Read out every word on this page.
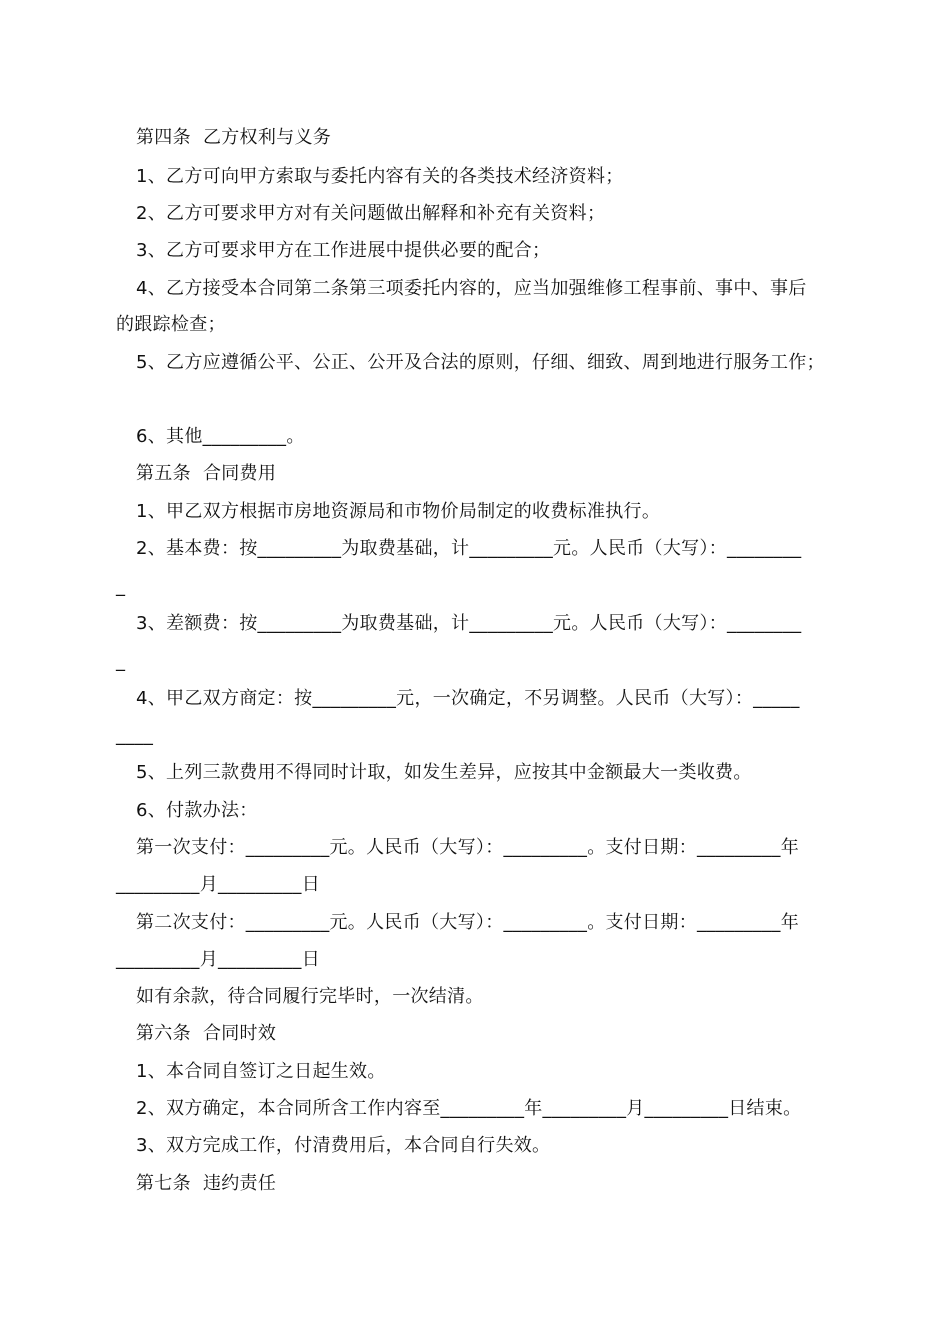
第四条  乙方权利与义务
1、乙方可向甲方索取与委托内容有关的各类技术经济资料；
2、乙方可要求甲方对有关问题做出解释和补充有关资料；
3、乙方可要求甲方在工作进展中提供必要的配合；
4、乙方接受本合同第二条第三项委托内容的，应当加强维修工程事前、事中、事后
的跟踪检查；
5、乙方应遵循公平、公正、公开及合法的原则，仔细、细致、周到地进行服务工作；
6、其他_________。
第五条  合同费用
1、甲乙双方根据市房地资源局和市物价局制定的收费标准执行。
2、基本费：按_________为取费基础，计_________元。人民币（大写）：________
_
3、差额费：按_________为取费基础，计_________元。人民币（大写）：________
_
4、甲乙双方商定：按_________元，一次确定，不另调整。人民币（大写）：_____
____
5、上列三款费用不得同时计取，如发生差异，应按其中金额最大一类收费。
6、付款办法：
第一次支付：_________元。人民币（大写）：_________。支付日期：_________年
_________月_________日
第二次支付：_________元。人民币（大写）：_________。支付日期：_________年
_________月_________日
如有余款，待合同履行完毕时，一次结清。
第六条  合同时效
1、本合同自签订之日起生效。
2、双方确定，本合同所含工作内容至_________年_________月_________日结束。
3、双方完成工作，付清费用后，本合同自行失效。
第七条  违约责任
